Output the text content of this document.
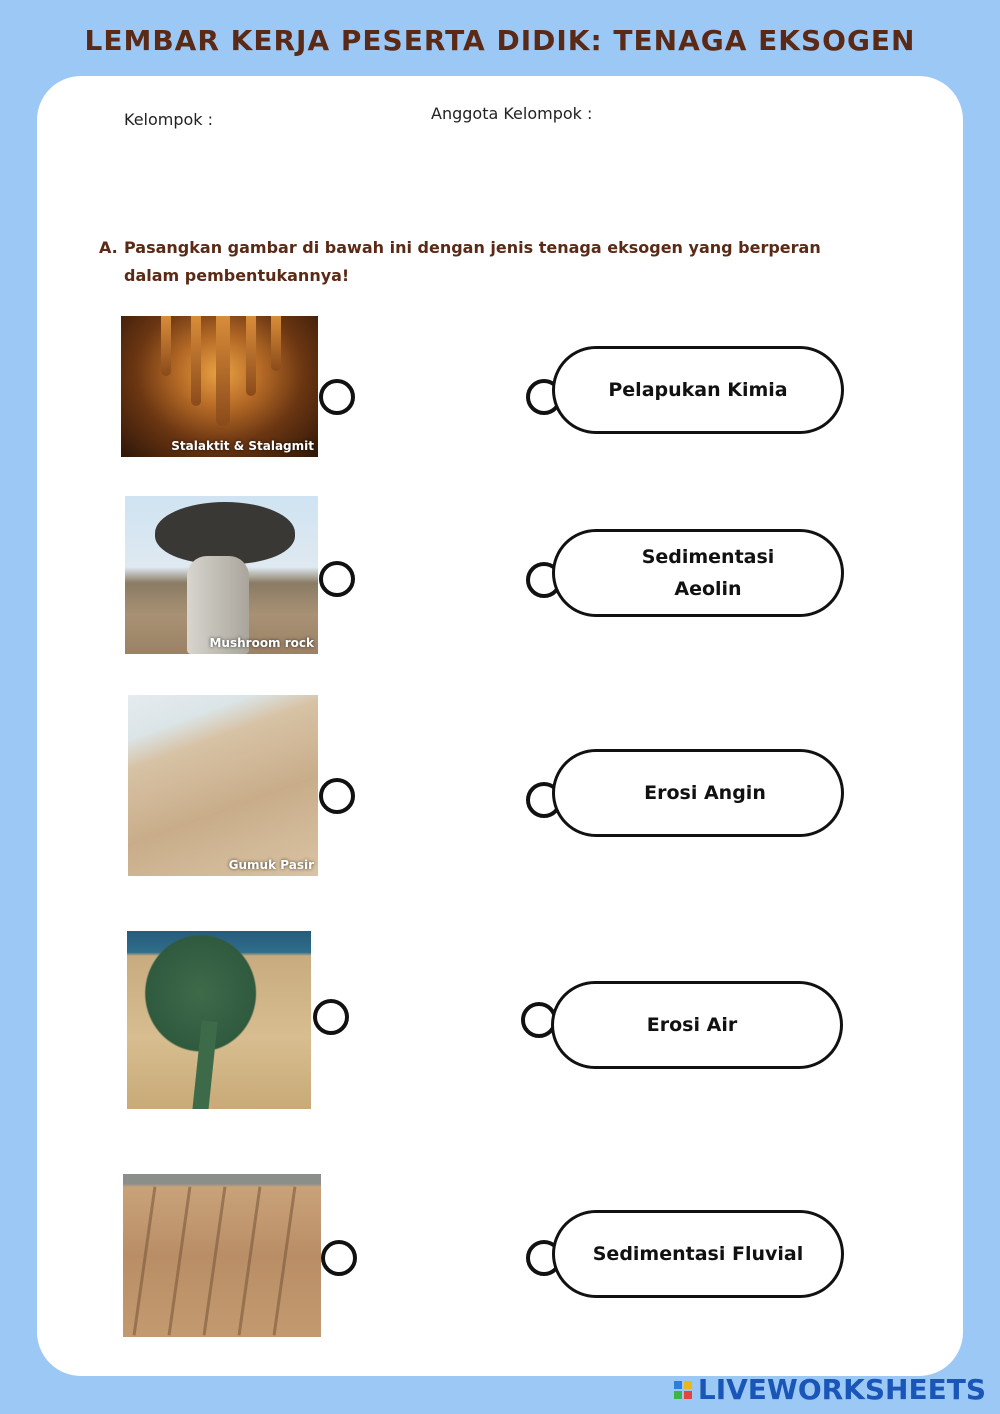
LEMBAR KERJA PESERTA DIDIK: TENAGA EKSOGEN
Kelompok :	Anggota Kelompok :
A. Pasangkan gambar di bawah ini dengan jenis tenaga eksogen yang berperan dalam pembentukannya!
Stalaktit & Stalagmit
Pelapukan Kimia
Mushroom rock
Sedimentasi
Aeolin
Gumuk Pasir
Erosi Angin
Erosi Air
Sedimentasi Fluvial
LIVEWORKSHEETS
